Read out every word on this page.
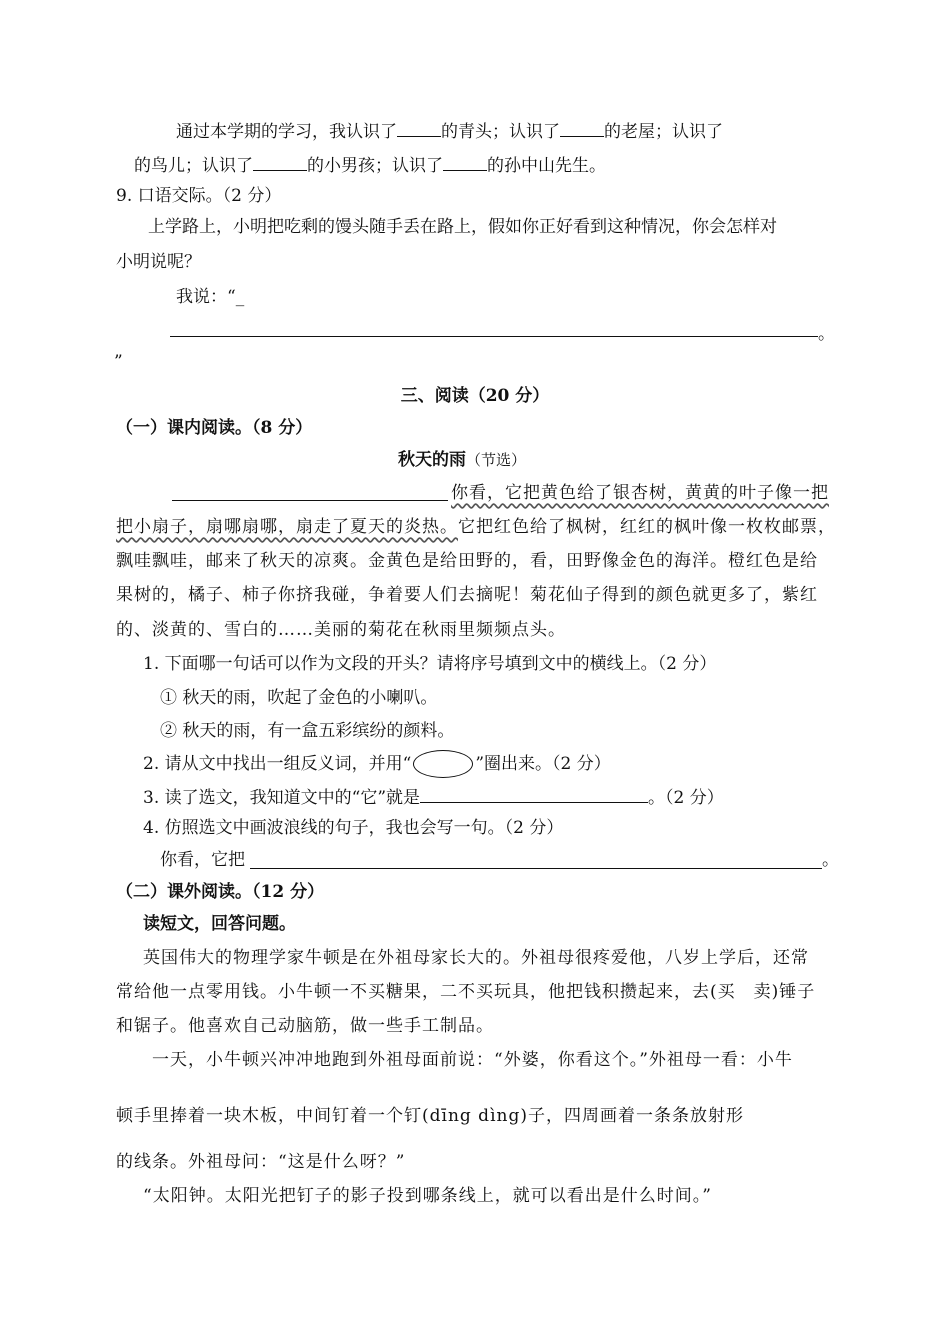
通过本学期的学习，我认识了	的青头；认识了	的老屋；认识了
的鸟儿；认识了	的小男孩；认识了	的孙中山先生。
9. 口语交际。（2 分）
上学路上，小明把吃剩的馒头随手丢在路上，假如你正好看到这种情况，你会怎样对
小明说呢？
我说：“_
。
”
三、阅读（20 分）
（一）课内阅读。（8 分）
秋天的雨（节选）
你看，它把黄色给了银杏树，黄黄的叶子像一把
把小扇子，扇哪扇哪，扇走了夏天的炎热。它把红色给了枫树，红红的枫叶像一枚枚邮票，
飘哇飘哇，邮来了秋天的凉爽。金黄色是给田野的，看，田野像金色的海洋。橙红色是给
果树的，橘子、柿子你挤我碰，争着要人们去摘呢！菊花仙子得到的颜色就更多了，紫红
的、淡黄的、雪白的……美丽的菊花在秋雨里频频点头。
1. 下面哪一句话可以作为文段的开头？请将序号填到文中的横线上。（2 分）
① 秋天的雨，吹起了金色的小喇叭。
② 秋天的雨，有一盒五彩缤纷的颜料。
2. 请从文中找出一组反义词，并用“	”圈出来。（2 分）
3. 读了选文，我知道文中的“它”就是	。（2 分）
4. 仿照选文中画波浪线的句子，我也会写一句。（2 分）
你看，它把	。
（二）课外阅读。（12 分）
读短文，回答问题。
英国伟大的物理学家牛顿是在外祖母家长大的。外祖母很疼爱他，八岁上学后，还常
常给他一点零用钱。小牛顿一不买糖果，二不买玩具，他把钱积攒起来，去(买　卖)锤子
和锯子。他喜欢自己动脑筋，做一些手工制品。
一天，小牛顿兴冲冲地跑到外祖母面前说：“外婆，你看这个。”外祖母一看：小牛
顿手里捧着一块木板，中间钉着一个钉(dīng dìng)子，四周画着一条条放射形
的线条。外祖母问：“这是什么呀？”
“太阳钟。太阳光把钉子的影子投到哪条线上，就可以看出是什么时间。”
